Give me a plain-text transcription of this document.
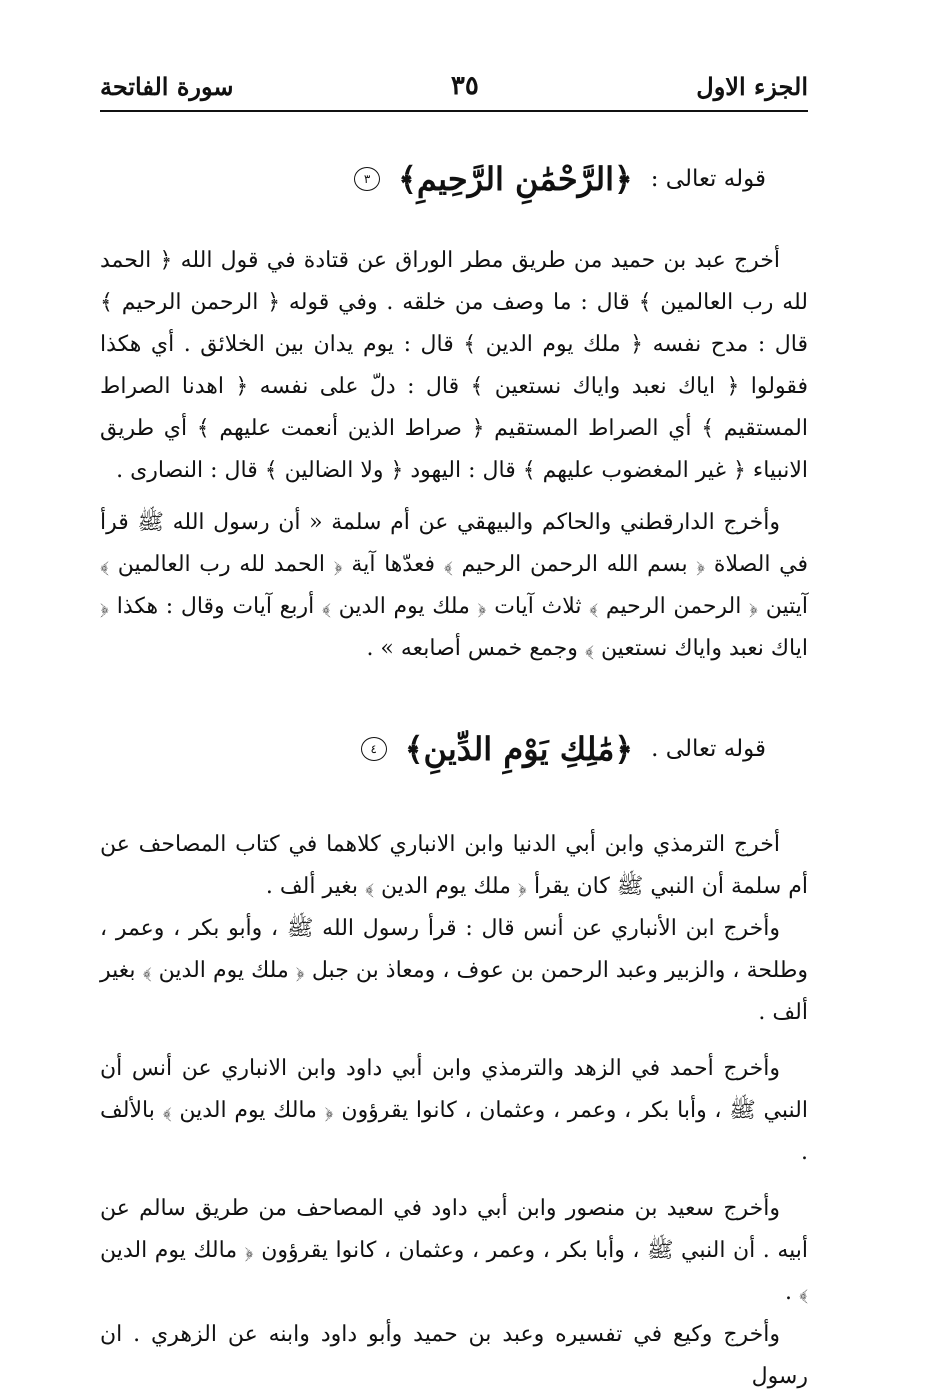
الجزء الاول
٣٥
سورة الفاتحة
قوله تعالى :
﴿الرَّحْمَٰنِ الرَّحِيمِ﴾
٣

أخرج عبد بن حميد من طريق مطر الوراق عن قتادة في قول الله ﴿ الحمد لله رب العالمين ﴾ قال : ما وصف من خلقه . وفي قوله ﴿ الرحمن الرحيم ﴾ قال : مدح نفسه ﴿ ملك يوم الدين ﴾ قال : يوم يدان بين الخلائق . أي هكذا فقولوا ﴿ اياك نعبد واياك نستعين ﴾ قال : دلّ على نفسه ﴿ اهدنا الصراط المستقيم ﴾ أي الصراط المستقيم ﴿ صراط الذين أنعمت عليهم ﴾ أي طريق الانبياء ﴿ غير المغضوب عليهم ﴾ قال : اليهود ﴿ ولا الضالين ﴾ قال : النصارى .

وأخرج الدارقطني والحاكم والبيهقي عن أم سلمة « أن رسول الله ﷺ قرأ في الصلاة ﴿ بسم الله الرحمن الرحيم ﴾ فعدّها آية ﴿ الحمد لله رب العالمين ﴾ آيتين ﴿ الرحمن الرحيم ﴾ ثلاث آيات ﴿ ملك يوم الدين ﴾ أربع آيات وقال : هكذا ﴿ اياك نعبد واياك نستعين ﴾ وجمع خمس أصابعه » .

قوله تعالى .
﴿مَٰلِكِ يَوْمِ الدِّينِ﴾
٤

أخرج الترمذي وابن أبي الدنيا وابن الانباري كلاهما في كتاب المصاحف عن أم سلمة أن النبي ﷺ كان يقرأ ﴿ ملك يوم الدين ﴾ بغير ألف .

وأخرج ابن الأنباري عن أنس قال : قرأ رسول الله ﷺ ، وأبو بكر ، وعمر ، وطلحة ، والزبير وعبد الرحمن بن عوف ، ومعاذ بن جبل ﴿ ملك يوم الدين ﴾ بغير ألف .

وأخرج أحمد في الزهد والترمذي وابن أبي داود وابن الانباري عن أنس أن النبي ﷺ ، وأبا بكر ، وعمر ، وعثمان ، كانوا يقرؤون ﴿ مالك يوم الدين ﴾ بالألف .

وأخرج سعيد بن منصور وابن أبي داود في المصاحف من طريق سالم عن أبيه . أن النبي ﷺ ، وأبا بكر ، وعمر ، وعثمان ، كانوا يقرؤون ﴿ مالك يوم الدين ﴾ .

وأخرج وكيع في تفسيره وعبد بن حميد وأبو داود وابنه عن الزهري . ان رسول
